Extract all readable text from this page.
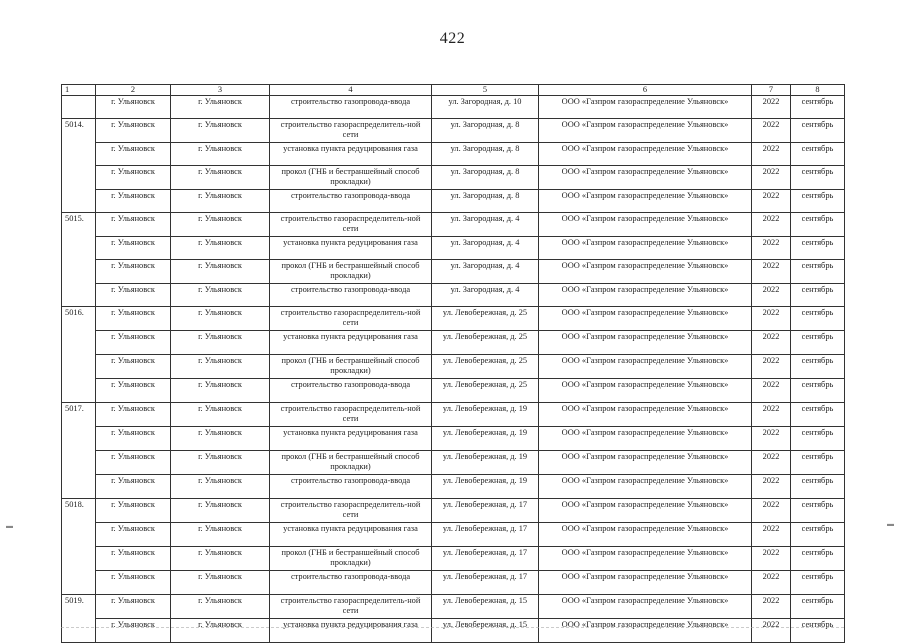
422
1	2	3	4	5	6	7	8
	г. Ульяновск	г. Ульяновск	строительство газопровода-ввода	ул. Загородная, д. 10	ООО «Газпром газораспределение Ульяновск»	2022	сентябрь
5014.	г. Ульяновск	г. Ульяновск	строительство газораспределитель-ной сети	ул. Загородная, д. 8	ООО «Газпром газораспределение Ульяновск»	2022	сентябрь
	г. Ульяновск	г. Ульяновск	установка пункта редуцирования газа	ул. Загородная, д. 8	ООО «Газпром газораспределение Ульяновск»	2022	сентябрь
	г. Ульяновск	г. Ульяновск	прокол (ГНБ и бестраншейный способ прокладки)	ул. Загородная, д. 8	ООО «Газпром газораспределение Ульяновск»	2022	сентябрь
	г. Ульяновск	г. Ульяновск	строительство газопровода-ввода	ул. Загородная, д. 8	ООО «Газпром газораспределение Ульяновск»	2022	сентябрь
5015.	г. Ульяновск	г. Ульяновск	строительство газораспределитель-ной сети	ул. Загородная, д. 4	ООО «Газпром газораспределение Ульяновск»	2022	сентябрь
	г. Ульяновск	г. Ульяновск	установка пункта редуцирования газа	ул. Загородная, д. 4	ООО «Газпром газораспределение Ульяновск»	2022	сентябрь
	г. Ульяновск	г. Ульяновск	прокол (ГНБ и бестраншейный способ прокладки)	ул. Загородная, д. 4	ООО «Газпром газораспределение Ульяновск»	2022	сентябрь
	г. Ульяновск	г. Ульяновск	строительство газопровода-ввода	ул. Загородная, д. 4	ООО «Газпром газораспределение Ульяновск»	2022	сентябрь
5016.	г. Ульяновск	г. Ульяновск	строительство газораспределитель-ной сети	ул. Левобережная, д. 25	ООО «Газпром газораспределение Ульяновск»	2022	сентябрь
	г. Ульяновск	г. Ульяновск	установка пункта редуцирования газа	ул. Левобережная, д. 25	ООО «Газпром газораспределение Ульяновск»	2022	сентябрь
	г. Ульяновск	г. Ульяновск	прокол (ГНБ и бестраншейный способ прокладки)	ул. Левобережная, д. 25	ООО «Газпром газораспределение Ульяновск»	2022	сентябрь
	г. Ульяновск	г. Ульяновск	строительство газопровода-ввода	ул. Левобережная, д. 25	ООО «Газпром газораспределение Ульяновск»	2022	сентябрь
5017.	г. Ульяновск	г. Ульяновск	строительство газораспределитель-ной сети	ул. Левобережная, д. 19	ООО «Газпром газораспределение Ульяновск»	2022	сентябрь
	г. Ульяновск	г. Ульяновск	установка пункта редуцирования газа	ул. Левобережная, д. 19	ООО «Газпром газораспределение Ульяновск»	2022	сентябрь
	г. Ульяновск	г. Ульяновск	прокол (ГНБ и бестраншейный способ прокладки)	ул. Левобережная, д. 19	ООО «Газпром газораспределение Ульяновск»	2022	сентябрь
	г. Ульяновск	г. Ульяновск	строительство газопровода-ввода	ул. Левобережная, д. 19	ООО «Газпром газораспределение Ульяновск»	2022	сентябрь
5018.	г. Ульяновск	г. Ульяновск	строительство газораспределитель-ной сети	ул. Левобережная, д. 17	ООО «Газпром газораспределение Ульяновск»	2022	сентябрь
	г. Ульяновск	г. Ульяновск	установка пункта редуцирования газа	ул. Левобережная, д. 17	ООО «Газпром газораспределение Ульяновск»	2022	сентябрь
	г. Ульяновск	г. Ульяновск	прокол (ГНБ и бестраншейный способ прокладки)	ул. Левобережная, д. 17	ООО «Газпром газораспределение Ульяновск»	2022	сентябрь
	г. Ульяновск	г. Ульяновск	строительство газопровода-ввода	ул. Левобережная, д. 17	ООО «Газпром газораспределение Ульяновск»	2022	сентябрь
5019.	г. Ульяновск	г. Ульяновск	строительство газораспределитель-ной сети	ул. Левобережная, д. 15	ООО «Газпром газораспределение Ульяновск»	2022	сентябрь
	г. Ульяновск	г. Ульяновск	установка пункта редуцирования газа	ул. Левобережная, д. 15	ООО «Газпром газораспределение Ульяновск»	2022	сентябрь
▬	▬
